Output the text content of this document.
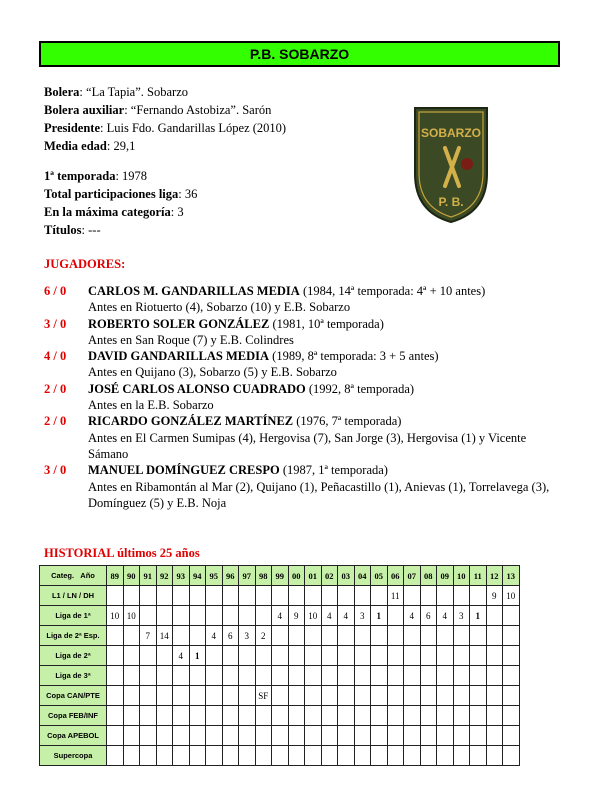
P.B. SOBARZO
Bolera: “La Tapia”. Sobarzo
Bolera auxiliar: “Fernando Astobiza”. Sarón
Presidente: Luis Fdo. Gandarillas López (2010)
Media edad: 29,1
1ª temporada: 1978
Total participaciones liga: 36
En la máxima categoría: 3
Títulos: ---
SOBARZO
P. B.
JUGADORES:
6 / 0	CARLOS M. GANDARILLAS MEDIA (1984, 14ª temporada: 4ª + 10 antes)
Antes en Riotuerto (4), Sobarzo (10) y E.B. Sobarzo
3 / 0	ROBERTO SOLER GONZÁLEZ (1981, 10ª temporada)
Antes en San Roque (7) y E.B. Colindres
4 / 0	DAVID GANDARILLAS MEDIA (1989, 8ª temporada: 3 + 5 antes)
Antes en Quijano (3), Sobarzo (5) y E.B. Sobarzo
2 / 0	JOSÉ CARLOS ALONSO CUADRADO (1992, 8ª temporada)
Antes en la E.B. Sobarzo
2 / 0	RICARDO GONZÁLEZ MARTÍNEZ (1976, 7ª temporada)
Antes en El Carmen Sumipas (4), Hergovisa (7), San Jorge (3), Hergovisa (1) y Vicente Sámano
3 / 0	MANUEL DOMÍNGUEZ CRESPO (1987, 1ª temporada)
Antes en Ribamontán al Mar (2), Quijano (1), Peñacastillo (1), Anievas (1), Torrelavega (3), Domínguez (5) y E.B. Noja
HISTORIAL últimos 25 años
Categ. Año	89	90	91	92	93	94	95	96	97	98	99	00	01	02	03	04	05	06	07	08	09	10	11	12	13
L1 / LN / DH																		11						9	10
Liga de 1ª	10	10									4	9	10	4	4	3	1		4	6	4	3	1		
Liga de 2ª Esp.			7	14			4	6	3	2															
Liga de 2ª					4	1																			
Liga de 3ª																									
Copa CAN/PTE										SF															
Copa FEB/INF																									
Copa APEBOL																									
Supercopa																									
